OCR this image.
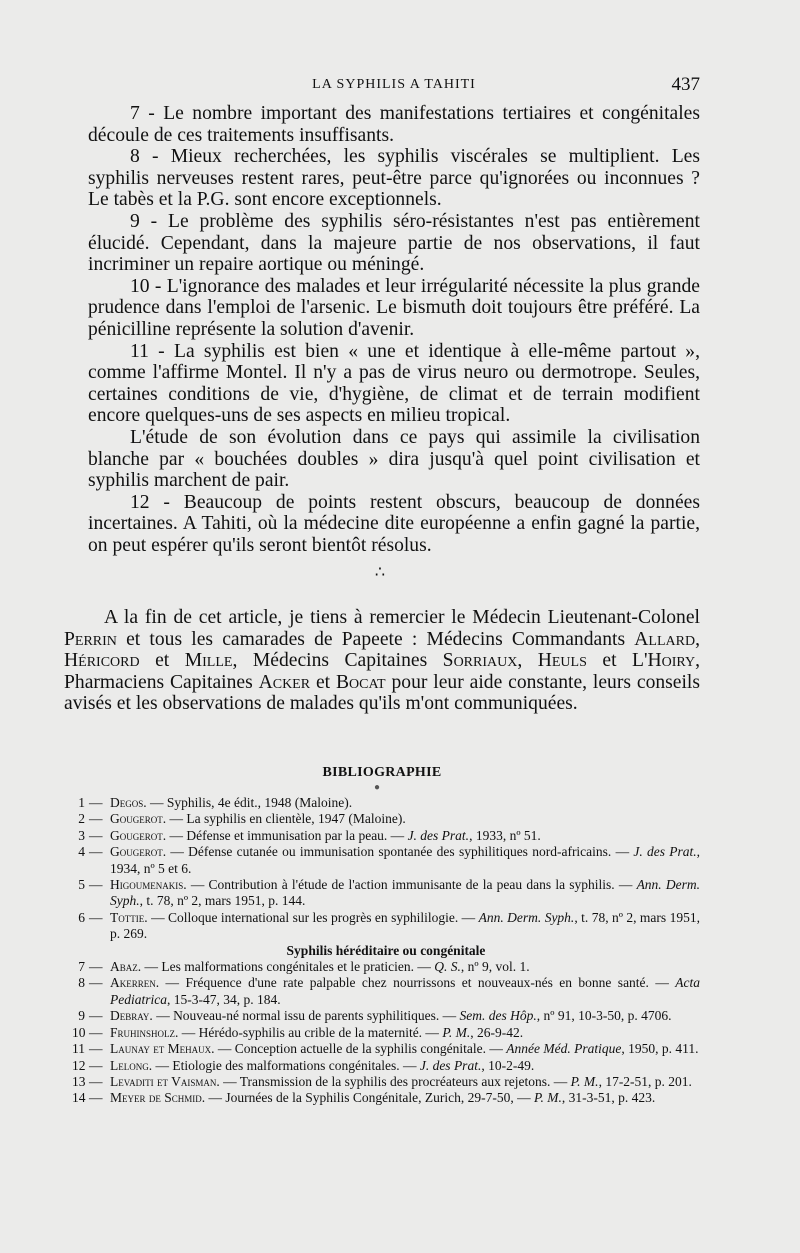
LA SYPHILIS A TAHITI	437

7 - Le nombre important des manifestations tertiaires et congénitales découle de ces traitements insuffisants.

8 - Mieux recherchées, les syphilis viscérales se multiplient. Les syphilis nerveuses restent rares, peut-être parce qu'ignorées ou inconnues ? Le tabès et la P.G. sont encore exceptionnels.

9 - Le problème des syphilis séro-résistantes n'est pas entièrement élucidé. Cependant, dans la majeure partie de nos observations, il faut incriminer un repaire aortique ou méningé.

10 - L'ignorance des malades et leur irrégularité nécessite la plus grande prudence dans l'emploi de l'arsenic. Le bismuth doit toujours être préféré. La pénicilline représente la solution d'avenir.

11 - La syphilis est bien « une et identique à elle-même partout », comme l'affirme Montel. Il n'y a pas de virus neuro ou dermotrope. Seules, certaines conditions de vie, d'hygiène, de climat et de terrain modifient encore quelques-uns de ses aspects en milieu tropical.

L'étude de son évolution dans ce pays qui assimile la civilisation blanche par « bouchées doubles » dira jusqu'à quel point civilisation et syphilis marchent de pair.

12 - Beaucoup de points restent obscurs, beaucoup de données incertaines. A Tahiti, où la médecine dite européenne a enfin gagné la partie, on peut espérer qu'ils seront bientôt résolus.

∴

A la fin de cet article, je tiens à remercier le Médecin Lieutenant-Colonel Perrin et tous les camarades de Papeete : Médecins Commandants Allard, Héricord et Mille, Médecins Capitaines Sorriaux, Heuls et L'Hoiry, Pharmaciens Capitaines Acker et Bocat pour leur aide constante, leurs conseils avisés et les observations de malades qu'ils m'ont communiquées.

BIBLIOGRAPHIE
●
1 — Degos. — Syphilis, 4e édit., 1948 (Maloine).
2 — Gougerot. — La syphilis en clientèle, 1947 (Maloine).
3 — Gougerot. — Défense et immunisation par la peau. — J. des Prat., 1933, nº 51.
4 — Gougerot. — Défense cutanée ou immunisation spontanée des syphilitiques nord-africains. — J. des Prat., 1934, nº 5 et 6.
5 — Higoumenakis. — Contribution à l'étude de l'action immunisante de la peau dans la syphilis. — Ann. Derm. Syph., t. 78, nº 2, mars 1951, p. 144.
6 — Tottie. — Colloque international sur les progrès en syphililogie. — Ann. Derm. Syph., t. 78, nº 2, mars 1951, p. 269.
Syphilis héréditaire ou congénitale
7 — Abaz. — Les malformations congénitales et le praticien. — Q. S., nº 9, vol. 1.
8 — Akerren. — Fréquence d'une rate palpable chez nourrissons et nouveaux-nés en bonne santé. — Acta Pediatrica, 15-3-47, 34, p. 184.
9 — Debray. — Nouveau-né normal issu de parents syphilitiques. — Sem. des Hôp., nº 91, 10-3-50, p. 4706.
10 — Fruhinsholz. — Hérédo-syphilis au crible de la maternité. — P. M., 26-9-42.
11 — Launay et Mehaux. — Conception actuelle de la syphilis congénitale. — Année Méd. Pratique, 1950, p. 411.
12 — Lelong. — Etiologie des malformations congénitales. — J. des Prat., 10-2-49.
13 — Levaditi et Vaisman. — Transmission de la syphilis des procréateurs aux rejetons. — P. M., 17-2-51, p. 201.
14 — Meyer de Schmid. — Journées de la Syphilis Congénitale, Zurich, 29-7-50, — P. M., 31-3-51, p. 423.
